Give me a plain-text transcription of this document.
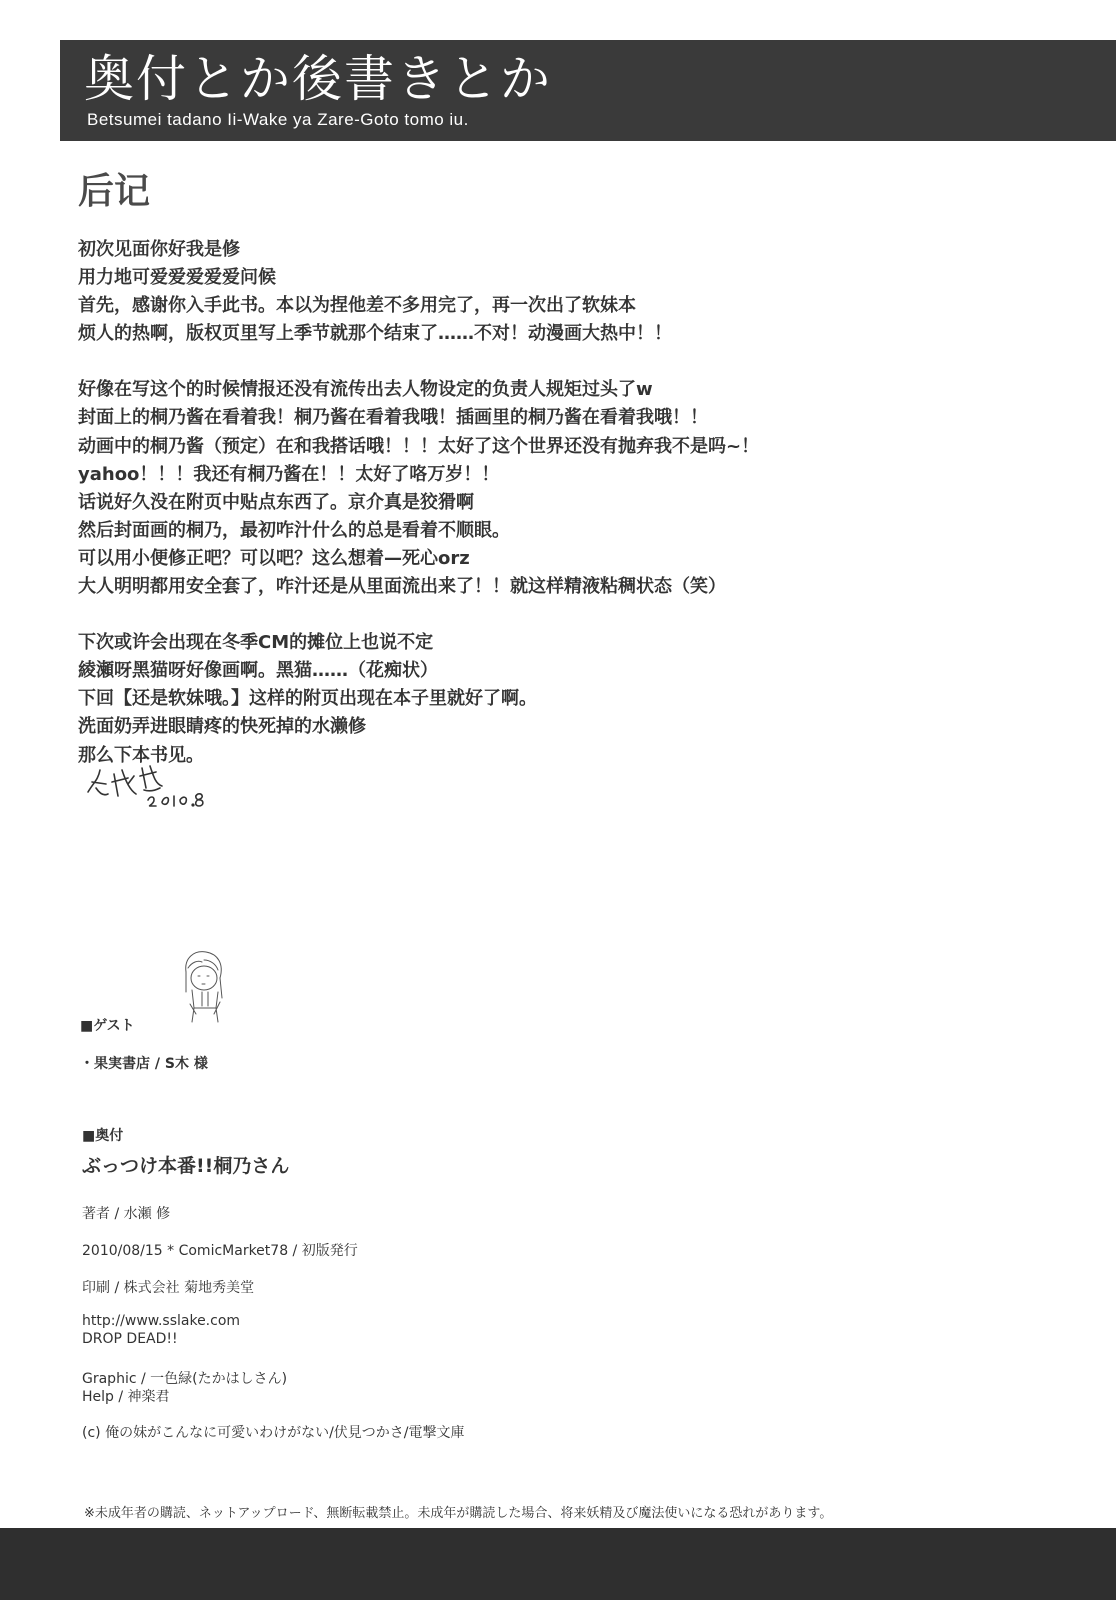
奥付とか後書きとか
Betsumei tadano Ii-Wake ya Zare-Goto tomo iu.
后记
初次见面你好我是修
用力地可爱爱爱爱爱问候
首先，感谢你入手此书。本以为捏他差不多用完了，再一次出了软妹本
烦人的热啊，版权页里写上季节就那个结束了……不对！动漫画大热中！！
好像在写这个的时候情报还没有流传出去人物设定的负责人规矩过头了w
封面上的桐乃酱在看着我！桐乃酱在看着我哦！插画里的桐乃酱在看着我哦！！
动画中的桐乃酱（预定）在和我搭话哦！！！太好了这个世界还没有抛弃我不是吗~！
yahoo！！！我还有桐乃酱在！！太好了咯万岁！！
话说好久没在附页中贴点东西了。京介真是狡猾啊
然后封面画的桐乃，最初咋汁什么的总是看着不顺眼。
可以用小便修正吧？可以吧？这么想着—死心orz
大人明明都用安全套了，咋汁还是从里面流出来了！！就这样精液粘稠状态（笑）
下次或许会出现在冬季CM的摊位上也说不定
綾瀬呀黑猫呀好像画啊。黑猫……（花痴状）
下回【还是软妹哦。】这样的附页出现在本子里就好了啊。
洗面奶弄进眼睛疼的快死掉的水濑修
那么下本书见。
■ゲスト
・果実書店 / S木 様
■奥付
ぶっつけ本番!!桐乃さん
著者 / 水瀬 修
2010/08/15 * ComicMarket78 / 初版発行
印刷 / 株式会社 菊地秀美堂
http://www.sslake.com
DROP DEAD!!
Graphic / 一色緑(たかはしさん)
Help / 神楽君
(c) 俺の妹がこんなに可愛いわけがない/伏見つかさ/電撃文庫
※未成年者の購読、ネットアップロード、無断転載禁止。未成年が購読した場合、将来妖精及び魔法使いになる恐れがあります。
